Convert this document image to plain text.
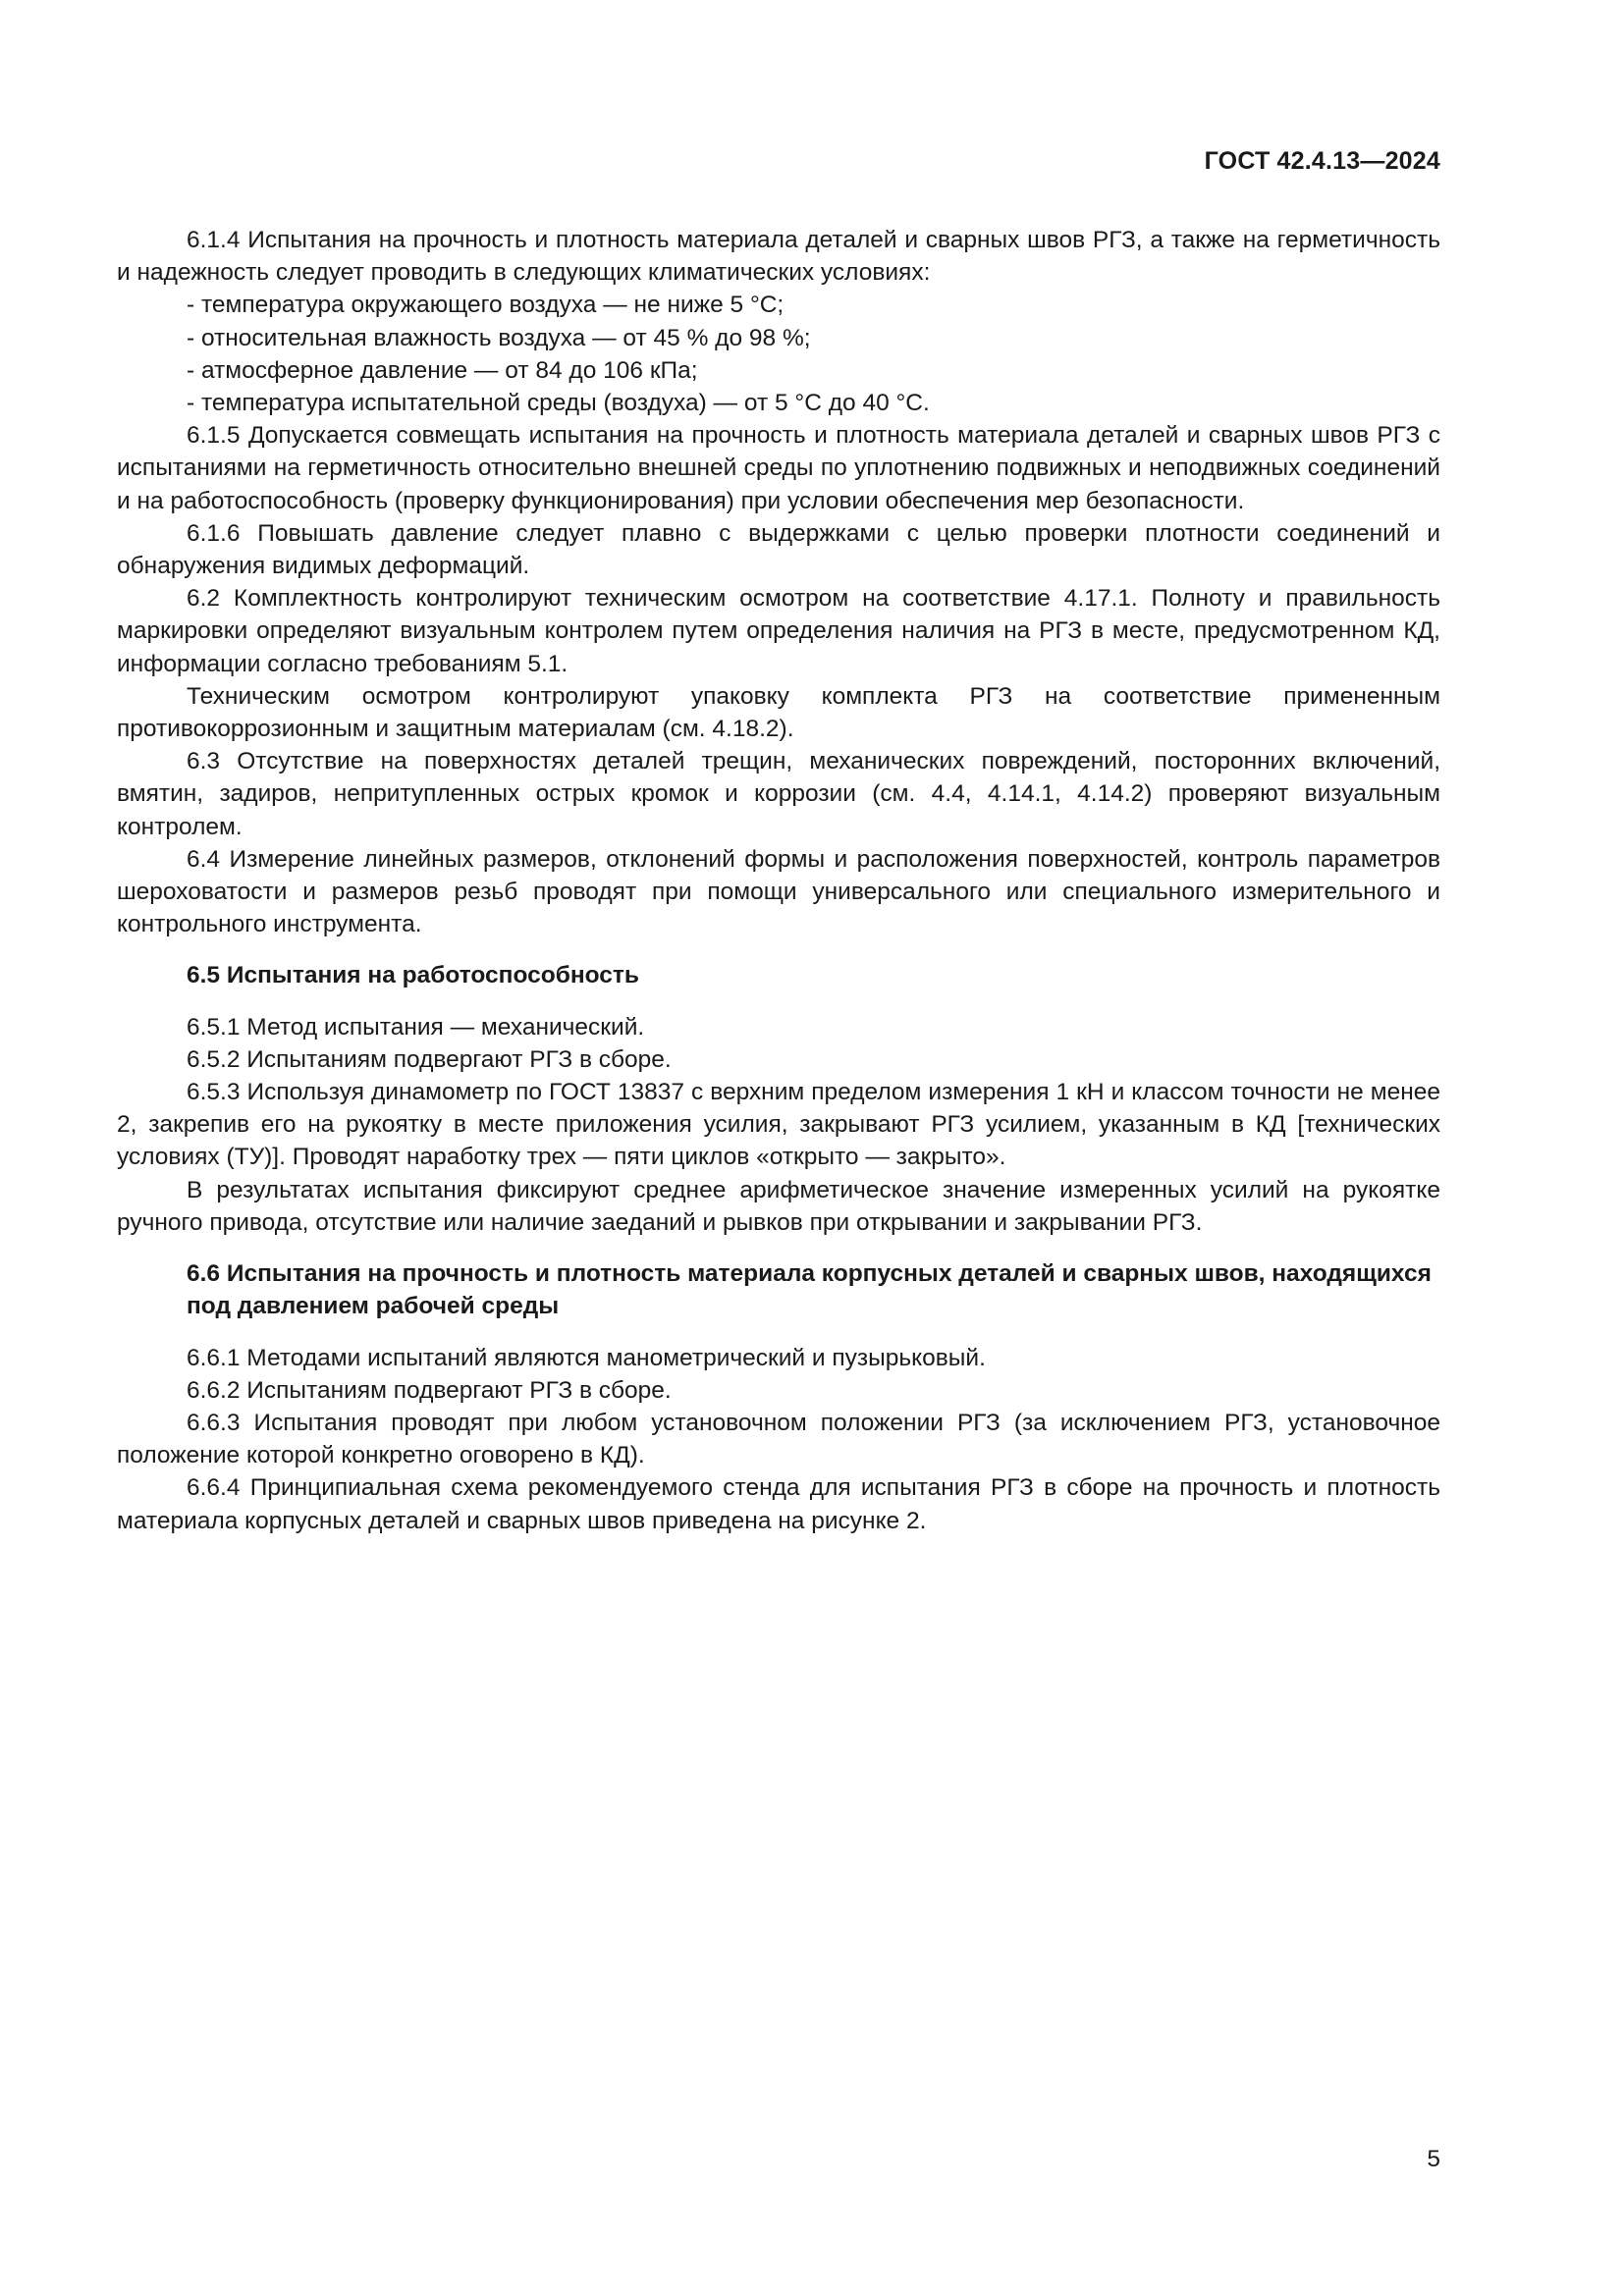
ГОСТ 42.4.13—2024

6.1.4 Испытания на прочность и плотность материала деталей и сварных швов РГЗ, а также на герметичность и надежность следует проводить в следующих климатических условиях:

- температура окружающего воздуха — не ниже 5 °С;

- относительная влажность воздуха — от 45 % до 98 %;

- атмосферное давление — от 84 до 106 кПа;

- температура испытательной среды (воздуха) — от 5 °С до 40 °С.

6.1.5 Допускается совмещать испытания на прочность и плотность материала деталей и сварных швов РГЗ с испытаниями на герметичность относительно внешней среды по уплотнению подвижных и неподвижных соединений и на работоспособность (проверку функционирования) при условии обеспечения мер безопасности.

6.1.6 Повышать давление следует плавно с выдержками с целью проверки плотности соединений и обнаружения видимых деформаций.

6.2 Комплектность контролируют техническим осмотром на соответствие 4.17.1. Полноту и правильность маркировки определяют визуальным контролем путем определения наличия на РГЗ в месте, предусмотренном КД, информации согласно требованиям 5.1.

Техническим осмотром контролируют упаковку комплекта РГЗ на соответствие примененным противокоррозионным и защитным материалам (см. 4.18.2).

6.3 Отсутствие на поверхностях деталей трещин, механических повреждений, посторонних включений, вмятин, задиров, непритупленных острых кромок и коррозии (см. 4.4, 4.14.1, 4.14.2) проверяют визуальным контролем.

6.4 Измерение линейных размеров, отклонений формы и расположения поверхностей, контроль параметров шероховатости и размеров резьб проводят при помощи универсального или специального измерительного и контрольного инструмента.

6.5 Испытания на работоспособность

6.5.1 Метод испытания — механический.

6.5.2 Испытаниям подвергают РГЗ в сборе.

6.5.3 Используя динамометр по ГОСТ 13837 с верхним пределом измерения 1 кН и классом точности не менее 2, закрепив его на рукоятку в месте приложения усилия, закрывают РГЗ усилием, указанным в КД [технических условиях (ТУ)]. Проводят наработку трех — пяти циклов «открыто — закрыто».

В результатах испытания фиксируют среднее арифметическое значение измеренных усилий на рукоятке ручного привода, отсутствие или наличие заеданий и рывков при открывании и закрывании РГЗ.

6.6 Испытания на прочность и плотность материала корпусных деталей и сварных швов, находящихся под давлением рабочей среды

6.6.1 Методами испытаний являются манометрический и пузырьковый.

6.6.2 Испытаниям подвергают РГЗ в сборе.

6.6.3 Испытания проводят при любом установочном положении РГЗ (за исключением РГЗ, установочное положение которой конкретно оговорено в КД).

6.6.4 Принципиальная схема рекомендуемого стенда для испытания РГЗ в сборе на прочность и плотность материала корпусных деталей и сварных швов приведена на рисунке 2.

5
